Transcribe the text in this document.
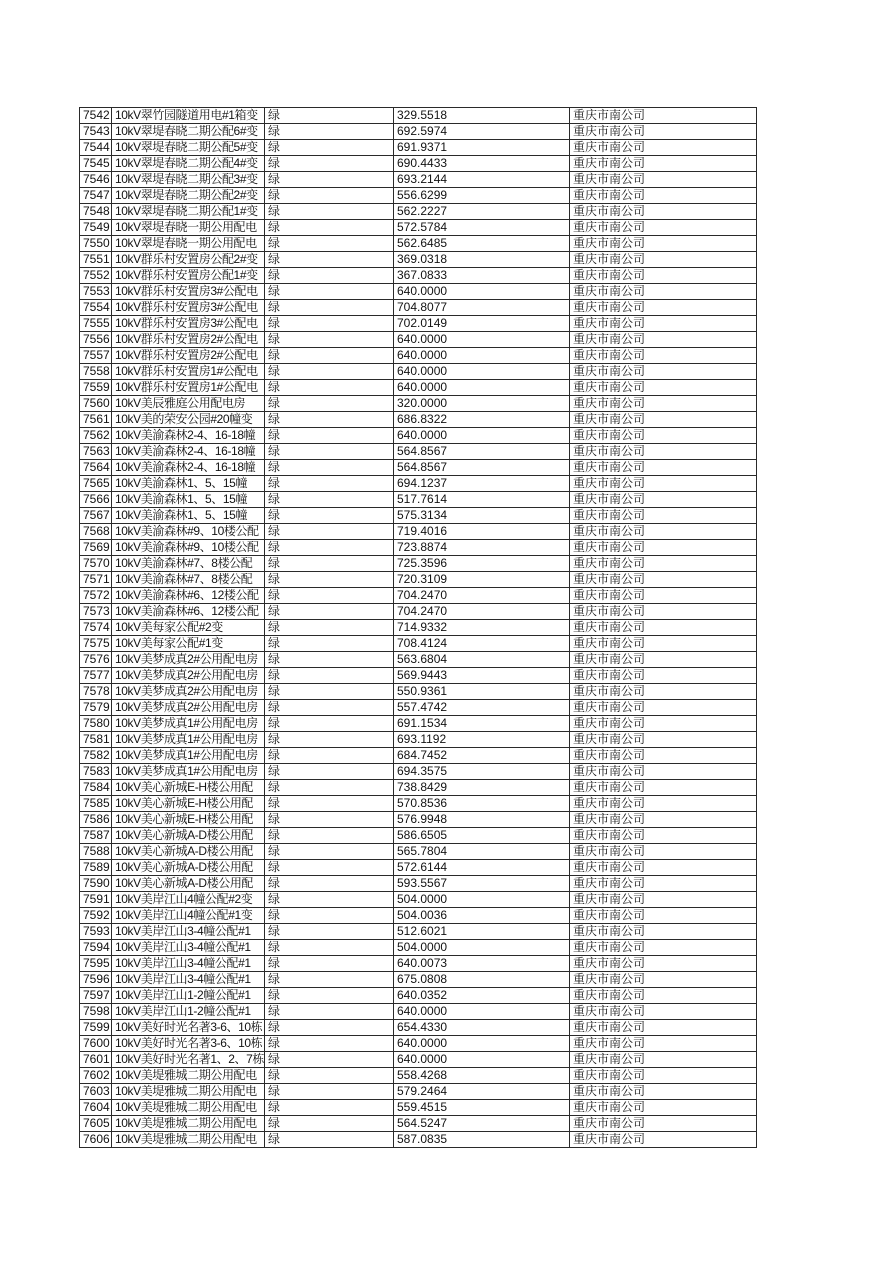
7542	10kV翠竹园隧道用电#1箱变	绿	329.5518	重庆市南公司
7543	10kV翠堤春晓二期公配6#变	绿	692.5974	重庆市南公司
7544	10kV翠堤春晓二期公配5#变	绿	691.9371	重庆市南公司
7545	10kV翠堤春晓二期公配4#变	绿	690.4433	重庆市南公司
7546	10kV翠堤春晓二期公配3#变	绿	693.2144	重庆市南公司
7547	10kV翠堤春晓二期公配2#变	绿	556.6299	重庆市南公司
7548	10kV翠堤春晓二期公配1#变	绿	562.2227	重庆市南公司
7549	10kV翠堤春晓一期公用配电	绿	572.5784	重庆市南公司
7550	10kV翠堤春晓一期公用配电	绿	562.6485	重庆市南公司
7551	10kV群乐村安置房公配2#变	绿	369.0318	重庆市南公司
7552	10kV群乐村安置房公配1#变	绿	367.0833	重庆市南公司
7553	10kV群乐村安置房3#公配电	绿	640.0000	重庆市南公司
7554	10kV群乐村安置房3#公配电	绿	704.8077	重庆市南公司
7555	10kV群乐村安置房3#公配电	绿	702.0149	重庆市南公司
7556	10kV群乐村安置房2#公配电	绿	640.0000	重庆市南公司
7557	10kV群乐村安置房2#公配电	绿	640.0000	重庆市南公司
7558	10kV群乐村安置房1#公配电	绿	640.0000	重庆市南公司
7559	10kV群乐村安置房1#公配电	绿	640.0000	重庆市南公司
7560	10kV美辰雅庭公用配电房	绿	320.0000	重庆市南公司
7561	10kV美的荣安公园#20幢变	绿	686.8322	重庆市南公司
7562	10kV美渝森林2-4、16-18幢	绿	640.0000	重庆市南公司
7563	10kV美渝森林2-4、16-18幢	绿	564.8567	重庆市南公司
7564	10kV美渝森林2-4、16-18幢	绿	564.8567	重庆市南公司
7565	10kV美渝森林1、5、15幢	绿	694.1237	重庆市南公司
7566	10kV美渝森林1、5、15幢	绿	517.7614	重庆市南公司
7567	10kV美渝森林1、5、15幢	绿	575.3134	重庆市南公司
7568	10kV美渝森林#9、10楼公配	绿	719.4016	重庆市南公司
7569	10kV美渝森林#9、10楼公配	绿	723.8874	重庆市南公司
7570	10kV美渝森林#7、8楼公配	绿	725.3596	重庆市南公司
7571	10kV美渝森林#7、8楼公配	绿	720.3109	重庆市南公司
7572	10kV美渝森林#6、12楼公配	绿	704.2470	重庆市南公司
7573	10kV美渝森林#6、12楼公配	绿	704.2470	重庆市南公司
7574	10kV美每家公配#2变	绿	714.9332	重庆市南公司
7575	10kV美每家公配#1变	绿	708.4124	重庆市南公司
7576	10kV美梦成真2#公用配电房	绿	563.6804	重庆市南公司
7577	10kV美梦成真2#公用配电房	绿	569.9443	重庆市南公司
7578	10kV美梦成真2#公用配电房	绿	550.9361	重庆市南公司
7579	10kV美梦成真2#公用配电房	绿	557.4742	重庆市南公司
7580	10kV美梦成真1#公用配电房	绿	691.1534	重庆市南公司
7581	10kV美梦成真1#公用配电房	绿	693.1192	重庆市南公司
7582	10kV美梦成真1#公用配电房	绿	684.7452	重庆市南公司
7583	10kV美梦成真1#公用配电房	绿	694.3575	重庆市南公司
7584	10kV美心新城E-H楼公用配	绿	738.8429	重庆市南公司
7585	10kV美心新城E-H楼公用配	绿	570.8536	重庆市南公司
7586	10kV美心新城E-H楼公用配	绿	576.9948	重庆市南公司
7587	10kV美心新城A-D楼公用配	绿	586.6505	重庆市南公司
7588	10kV美心新城A-D楼公用配	绿	565.7804	重庆市南公司
7589	10kV美心新城A-D楼公用配	绿	572.6144	重庆市南公司
7590	10kV美心新城A-D楼公用配	绿	593.5567	重庆市南公司
7591	10kV美岸江山4幢公配#2变	绿	504.0000	重庆市南公司
7592	10kV美岸江山4幢公配#1变	绿	504.0036	重庆市南公司
7593	10kV美岸江山3-4幢公配#1	绿	512.6021	重庆市南公司
7594	10kV美岸江山3-4幢公配#1	绿	504.0000	重庆市南公司
7595	10kV美岸江山3-4幢公配#1	绿	640.0073	重庆市南公司
7596	10kV美岸江山3-4幢公配#1	绿	675.0808	重庆市南公司
7597	10kV美岸江山1-2幢公配#1	绿	640.0352	重庆市南公司
7598	10kV美岸江山1-2幢公配#1	绿	640.0000	重庆市南公司
7599	10kV美好时光名著3-6、10栋	绿	654.4330	重庆市南公司
7600	10kV美好时光名著3-6、10栋	绿	640.0000	重庆市南公司
7601	10kV美好时光名著1、2、7栋	绿	640.0000	重庆市南公司
7602	10kV美堤雅城二期公用配电	绿	558.4268	重庆市南公司
7603	10kV美堤雅城二期公用配电	绿	579.2464	重庆市南公司
7604	10kV美堤雅城二期公用配电	绿	559.4515	重庆市南公司
7605	10kV美堤雅城二期公用配电	绿	564.5247	重庆市南公司
7606	10kV美堤雅城二期公用配电	绿	587.0835	重庆市南公司
